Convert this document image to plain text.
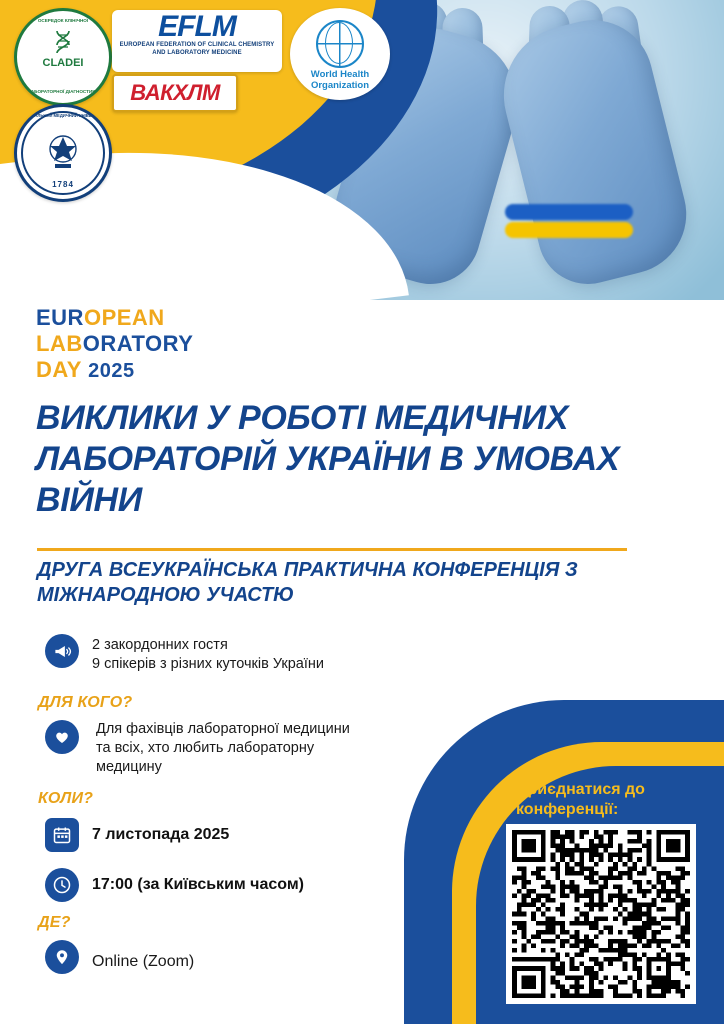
ОСЕРЕДОК КЛІНІЧНОЇ
ЛАБОРАТОРНОЇ ДІАГНОСТИКИ
CLADEI
НАЦІОНАЛЬНИЙ МЕДИЧНИЙ УНІВЕРСИТЕТ
1784
EFLM
EUROPEAN FEDERATION OF CLINICAL CHEMISTRY
AND LABORATORY MEDICINE
World Health
Organization
ВАКХЛМ
EUROPEAN
LABORATORY
DAY 2025
ВИКЛИКИ У РОБОТІ МЕДИЧНИХ ЛАБОРАТОРІЙ УКРАЇНИ В УМОВАХ ВІЙНИ
ДРУГА ВСЕУКРАЇНСЬКА ПРАКТИЧНА КОНФЕРЕНЦІЯ З МІЖНАРОДНОЮ УЧАСТЮ
2 закордонних гостя
9 спікерів з різних куточків України
ДЛЯ КОГО?
Для фахівців лабораторної медицини
та всіх, хто любить лабораторну
медицину
КОЛИ?
7 листопада 2025
17:00 (за Київським часом)
ДЕ?
Online (Zoom)
Приєднатися до
конференції:
